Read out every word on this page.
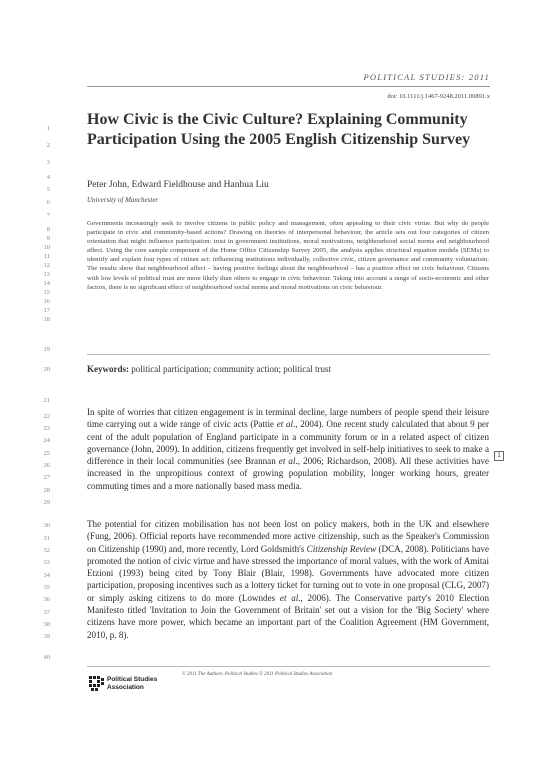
POLITICAL STUDIES: 2011
doi: 10.1111/j.1467-9248.2011.00891.x
1
2
3
4
5
6
7
8
9
10
11
12
13
14
15
16
17
18
19
20
21
22
23
24
25
26
27
28
29
30
31
32
33
34
35
36
37
38
39
40
How Civic is the Civic Culture? Explaining Community Participation Using the 2005 English Citizenship Survey
Peter John, Edward Fieldhouse and Hanhua Liu
University of Manchester
Governments increasingly seek to involve citizens in public policy and management, often appealing to their civic virtue. But why do people participate in civic and community-based actions? Drawing on theories of interpersonal behaviour, the article sets out four categories of citizen orientation that might influence participation: trust in government institutions, moral motivations, neighbourhood social norms and neighbourhood affect. Using the core sample component of the Home Office Citizenship Survey 2005, the analysis applies structural equation models (SEMs) to identify and explain four types of citizen act: influencing institutions individually, collective civic, citizen governance and community voluntarism. The results show that neighbourhood affect – having positive feelings about the neighbourhood – has a positive effect on civic behaviour. Citizens with low levels of political trust are more likely than others to engage in civic behaviour. Taking into account a range of socio-economic and other factors, there is no significant effect of neighbourhood social norms and moral motivations on civic behaviour.
Keywords: political participation; community action; political trust
In spite of worries that citizen engagement is in terminal decline, large numbers of people spend their leisure time carrying out a wide range of civic acts (Pattie et al., 2004). One recent study calculated that about 9 per cent of the adult population of England participate in a community forum or in a related aspect of citizen governance (John, 2009). In addition, citizens frequently get involved in self-help initiatives to seek to make a difference in their local communities (see Brannan et al., 2006; Richardson, 2008). All these activities have increased in the unpropitious context of growing population mobility, longer working hours, greater commuting times and a more nationally based mass media.
1
The potential for citizen mobilisation has not been lost on policy makers, both in the UK and elsewhere (Fung, 2006). Official reports have recommended more active citizenship, such as the Speaker's Commission on Citizenship (1990) and, more recently, Lord Goldsmith's Citizenship Review (DCA, 2008). Politicians have promoted the notion of civic virtue and have stressed the importance of moral values, with the work of Amitai Etzioni (1993) being cited by Tony Blair (Blair, 1998). Governments have advocated more citizen participation, proposing incentives such as a lottery ticket for turning out to vote in one proposal (CLG, 2007) or simply asking citizens to do more (Lowndes et al., 2006). The Conservative party's 2010 Election Manifesto titled 'Invitation to Join the Government of Britain' set out a vision for the 'Big Society' where citizens have more power, which became an important part of the Coalition Agreement (HM Government, 2010, p. 8).
Political Studies
Association
© 2011 The Authors. Political Studies © 2011 Political Studies Association
